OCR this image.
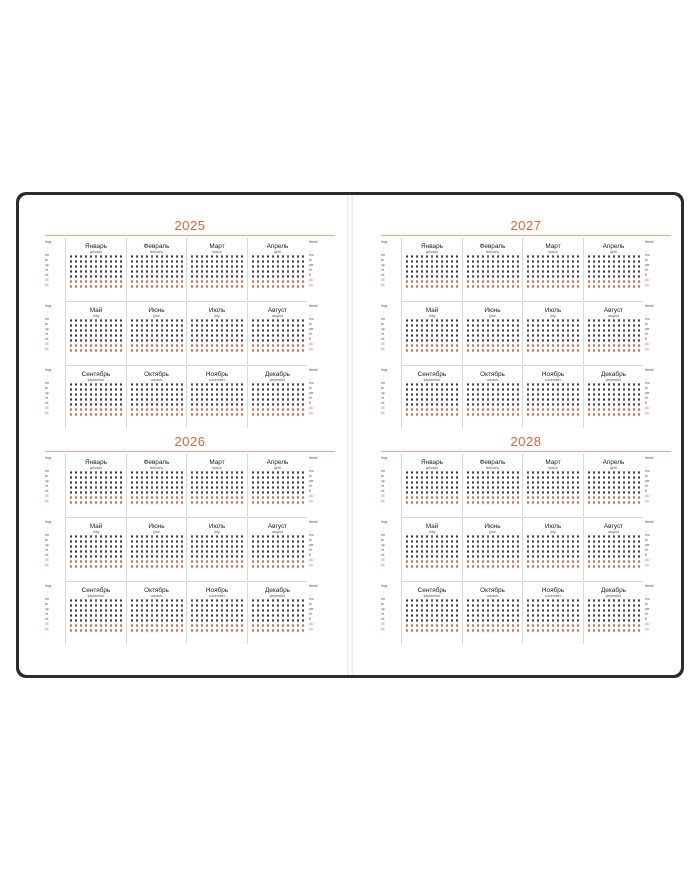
2025
Нед
пн
вт
ср
чт
пт
сб
вс
Январь
january
Февраль
february
Март
march
Апрель
april
Week
mo
tu
we
th
fr
sa
su
Нед
пн
вт
ср
чт
пт
сб
вс
Май
may
Июнь
june
Июль
july
Август
august
Week
mo
tu
we
th
fr
sa
su
Нед
пн
вт
ср
чт
пт
сб
вс
Сентябрь
september
Октябрь
october
Ноябрь
november
Декабрь
december
Week
mo
tu
we
th
fr
sa
su
2026
Нед
пн
вт
ср
чт
пт
сб
вс
Январь
january
Февраль
february
Март
march
Апрель
april
Week
mo
tu
we
th
fr
sa
su
Нед
пн
вт
ср
чт
пт
сб
вс
Май
may
Июнь
june
Июль
july
Август
august
Week
mo
tu
we
th
fr
sa
su
Нед
пн
вт
ср
чт
пт
сб
вс
Сентябрь
september
Октябрь
october
Ноябрь
november
Декабрь
december
Week
mo
tu
we
th
fr
sa
su
2027
Нед
пн
вт
ср
чт
пт
сб
вс
Январь
january
Февраль
february
Март
march
Апрель
april
Week
mo
tu
we
th
fr
sa
su
Нед
пн
вт
ср
чт
пт
сб
вс
Май
may
Июнь
june
Июль
july
Август
august
Week
mo
tu
we
th
fr
sa
su
Нед
пн
вт
ср
чт
пт
сб
вс
Сентябрь
september
Октябрь
october
Ноябрь
november
Декабрь
december
Week
mo
tu
we
th
fr
sa
su
2028
Нед
пн
вт
ср
чт
пт
сб
вс
Январь
january
Февраль
february
Март
march
Апрель
april
Week
mo
tu
we
th
fr
sa
su
Нед
пн
вт
ср
чт
пт
сб
вс
Май
may
Июнь
june
Июль
july
Август
august
Week
mo
tu
we
th
fr
sa
su
Нед
пн
вт
ср
чт
пт
сб
вс
Сентябрь
september
Октябрь
october
Ноябрь
november
Декабрь
december
Week
mo
tu
we
th
fr
sa
su
